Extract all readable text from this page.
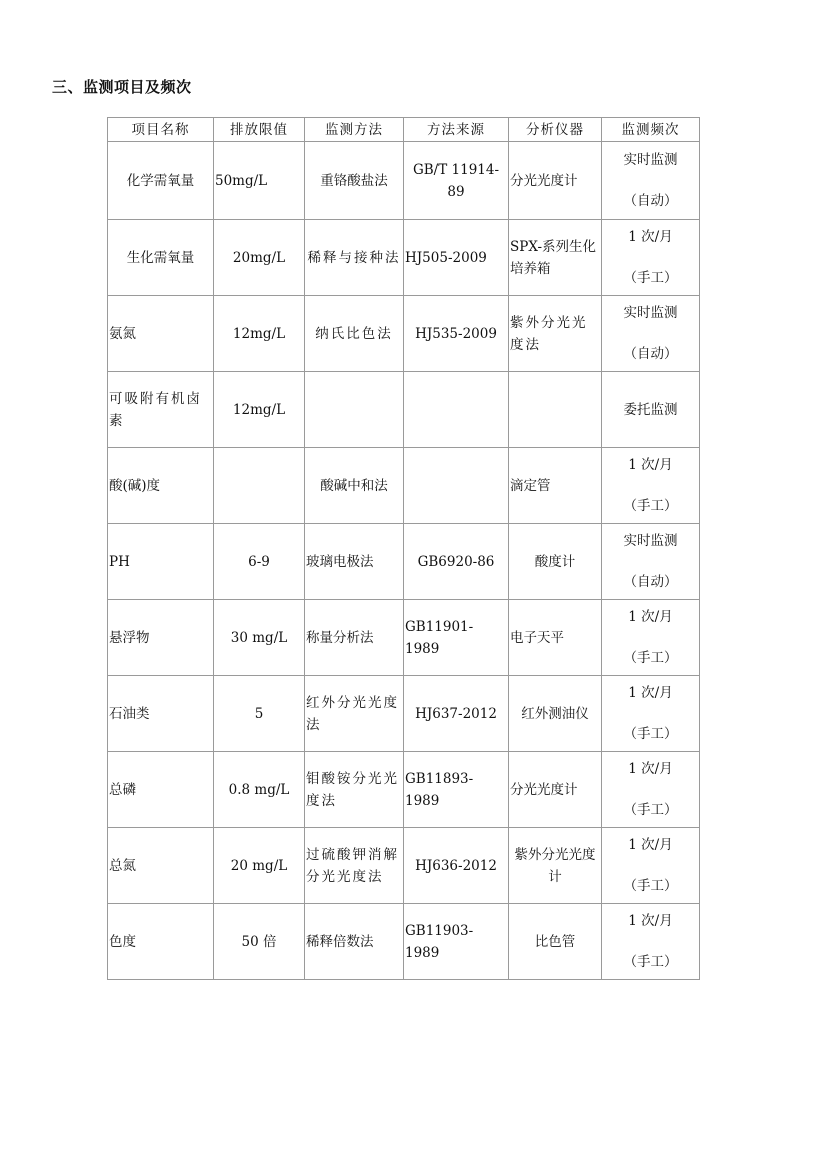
三、监测项目及频次
项目名称	排放限值	监测方法	方法来源	分析仪器	监测频次
化学需氧量	50mg/L	重铬酸盐法	GB/T 11914-89	分光光度计	实时监测
（自动）

生化需氧量	20mg/L	稀释与接种法	HJ505-2009	SPX-系列生化培养箱	1 次/月
（手工）

氨氮	12mg/L	纳氏比色法	HJ535-2009	紫外分光光度法	实时监测
（自动）

可吸附有机卤素	12mg/L				委托监测
酸(碱)度		酸碱中和法		滴定管	1 次/月
（手工）

PH	6-9	玻璃电极法	GB6920-86	酸度计	实时监测
（自动）

悬浮物	30 mg/L	称量分析法	GB11901-1989	电子天平	1 次/月
（手工）

石油类	5	红外分光光度法	HJ637-2012	红外测油仪	1 次/月
（手工）

总磷	0.8 mg/L	钼酸铵分光光度法	GB11893-1989	分光光度计	1 次/月
（手工）

总氮	20 mg/L	过硫酸钾消解分光光度法	HJ636-2012	紫外分光光度计	1 次/月
（手工）

色度	50 倍	稀释倍数法	GB11903-1989	比色管	1 次/月
（手工）
